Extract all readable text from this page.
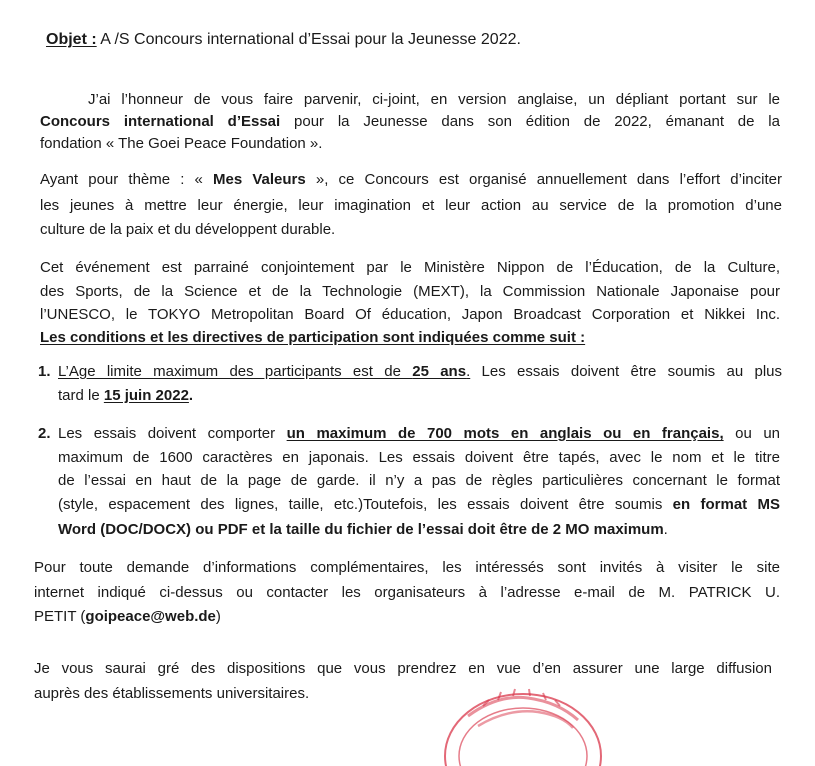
Objet : A /S Concours international d’Essai pour la Jeunesse 2022.
J’ai l’honneur de vous faire parvenir, ci-joint, en version anglaise, un dépliant portant sur le
Concours international d’Essai pour la Jeunesse dans son édition de 2022, émanant de la
fondation « The Goei Peace Foundation ».
Ayant pour thème : « Mes Valeurs », ce Concours est organisé annuellement dans l’effort d’inciter
les jeunes à mettre leur énergie, leur imagination et leur action au service de la promotion d’une
culture de la paix et du développent durable.
Cet événement est parrainé conjointement par le Ministère Nippon de l’Éducation, de la Culture,
des Sports, de la Science et de la Technologie (MEXT), la Commission Nationale Japonaise pour
l’UNESCO, le TOKYO Metropolitan Board Of éducation, Japon Broadcast Corporation et Nikkei Inc.
Les conditions et les directives de participation sont indiquées comme suit :
1. L’Age limite maximum des participants est de 25 ans. Les essais doivent être soumis au plus
tard le 15 juin 2022.
2. Les essais doivent comporter un maximum de 700 mots en anglais ou en français, ou un
maximum de 1600 caractères en japonais. Les essais doivent être tapés, avec le nom et le titre
de l’essai en haut de la page de garde. il n’y a pas de règles particulières concernant le format
(style, espacement des lignes, taille, etc.)Toutefois, les essais doivent être soumis en format MS
Word (DOC/DOCX) ou PDF et la taille du fichier de l’essai doit être de 2 MO maximum.
Pour toute demande d’informations complémentaires, les intéressés sont invités à visiter le site
internet indiqué ci-dessus ou contacter les organisateurs à l’adresse e-mail de M. PATRICK U.
PETIT (goipeace@web.de)
Je vous saurai gré des dispositions que vous prendrez en vue d’en assurer une large diffusion
auprès des établissements universitaires.
